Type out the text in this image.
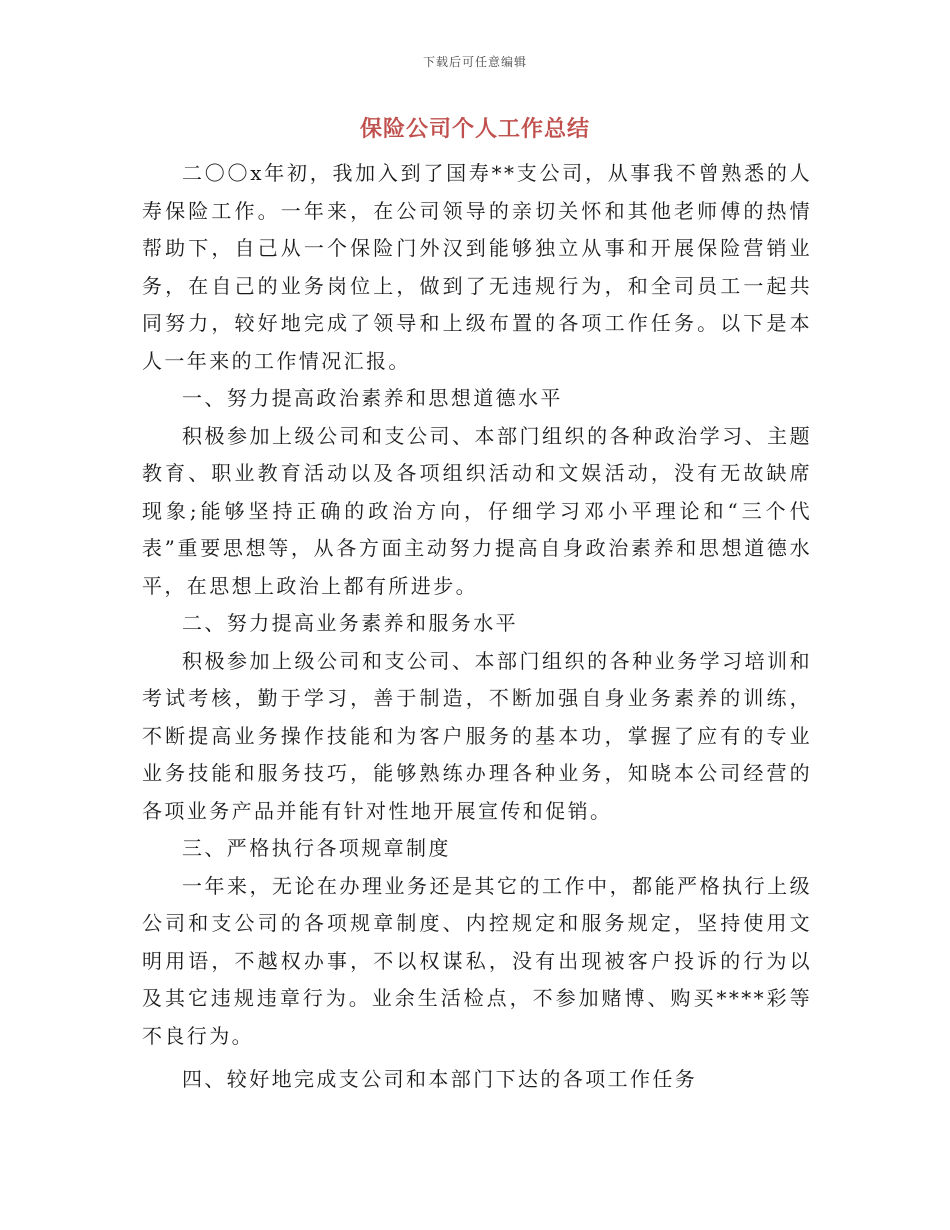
下载后可任意编辑
保险公司个人工作总结

二〇〇x年初，我加入到了国寿**支公司，从事我不曾熟悉的人寿保险工作。一年来，在公司领导的亲切关怀和其他老师傅的热情帮助下，自己从一个保险门外汉到能够独立从事和开展保险营销业务，在自己的业务岗位上，做到了无违规行为，和全司员工一起共同努力，较好地完成了领导和上级布置的各项工作任务。以下是本人一年来的工作情况汇报。

一、努力提高政治素养和思想道德水平

积极参加上级公司和支公司、本部门组织的各种政治学习、主题教育、职业教育活动以及各项组织活动和文娱活动，没有无故缺席现象;能够坚持正确的政治方向，仔细学习邓小平理论和“三个代表”重要思想等，从各方面主动努力提高自身政治素养和思想道德水平，在思想上政治上都有所进步。

二、努力提高业务素养和服务水平

积极参加上级公司和支公司、本部门组织的各种业务学习培训和考试考核，勤于学习，善于制造，不断加强自身业务素养的训练，不断提高业务操作技能和为客户服务的基本功，掌握了应有的专业业务技能和服务技巧，能够熟练办理各种业务，知晓本公司经营的各项业务产品并能有针对性地开展宣传和促销。

三、严格执行各项规章制度

一年来，无论在办理业务还是其它的工作中，都能严格执行上级公司和支公司的各项规章制度、内控规定和服务规定，坚持使用文明用语，不越权办事，不以权谋私，没有出现被客户投诉的行为以及其它违规违章行为。业余生活检点，不参加赌博、购买****彩等不良行为。

四、较好地完成支公司和本部门下达的各项工作任务
